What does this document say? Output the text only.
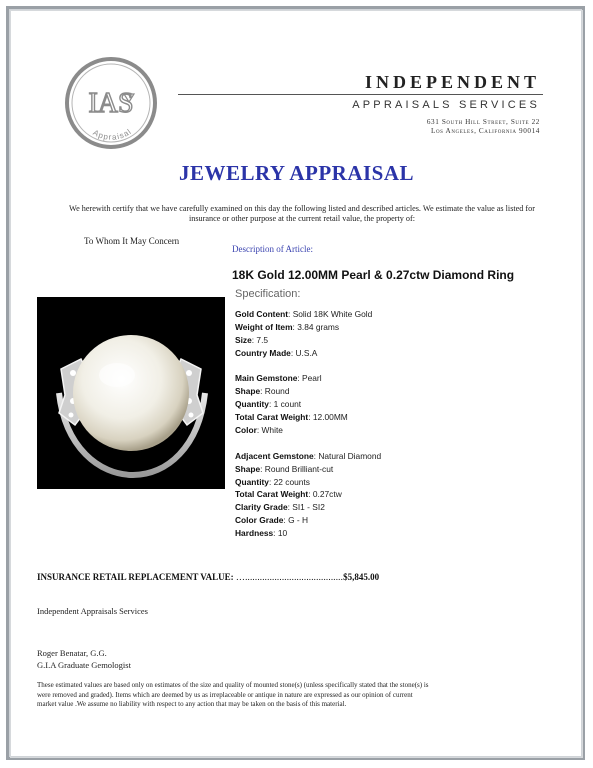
IAS
Appraisal
INDEPENDENT
APPRAISALS SERVICES
631 South Hill Street, Suite 22
Los Angeles, California 90014
JEWELRY APPRAISAL
We herewith certify that we have carefully examined on this day the following listed and described articles. We estimate the value as listed for
insurance or other purpose at the current retail value, the property of:
To Whom It May Concern
Description of Article:
18K Gold 12.00MM Pearl & 0.27ctw Diamond Ring
Specification:
Gold Content: Solid 18K White Gold
Weight of Item: 3.84 grams
Size: 7.5
Country Made: U.S.A
Main Gemstone: Pearl
Shape: Round
Quantity: 1 count
Total Carat Weight: 12.00MM
Color: White
Adjacent Gemstone: Natural Diamond
Shape: Round Brilliant-cut
Quantity: 22 counts
Total Carat Weight: 0.27ctw
Clarity Grade: SI1 - SI2
Color Grade: G - H
Hardness: 10
INSURANCE RETAIL REPLACEMENT VALUE: …........................................$5,845.00
Independent Appraisals Services
Roger Benatar, G.G.
G.I.A Graduate Gemologist
These estimated values are based only on estimates of the size and quality of mounted stone(s) (unless specifically stated that the stone(s) is
were removed and graded). Items which are deemed by us as irreplaceable or antique in nature are expressed as our opinion of current
market value .We assume no liability with respect to any action that may be taken on the basis of this material.
